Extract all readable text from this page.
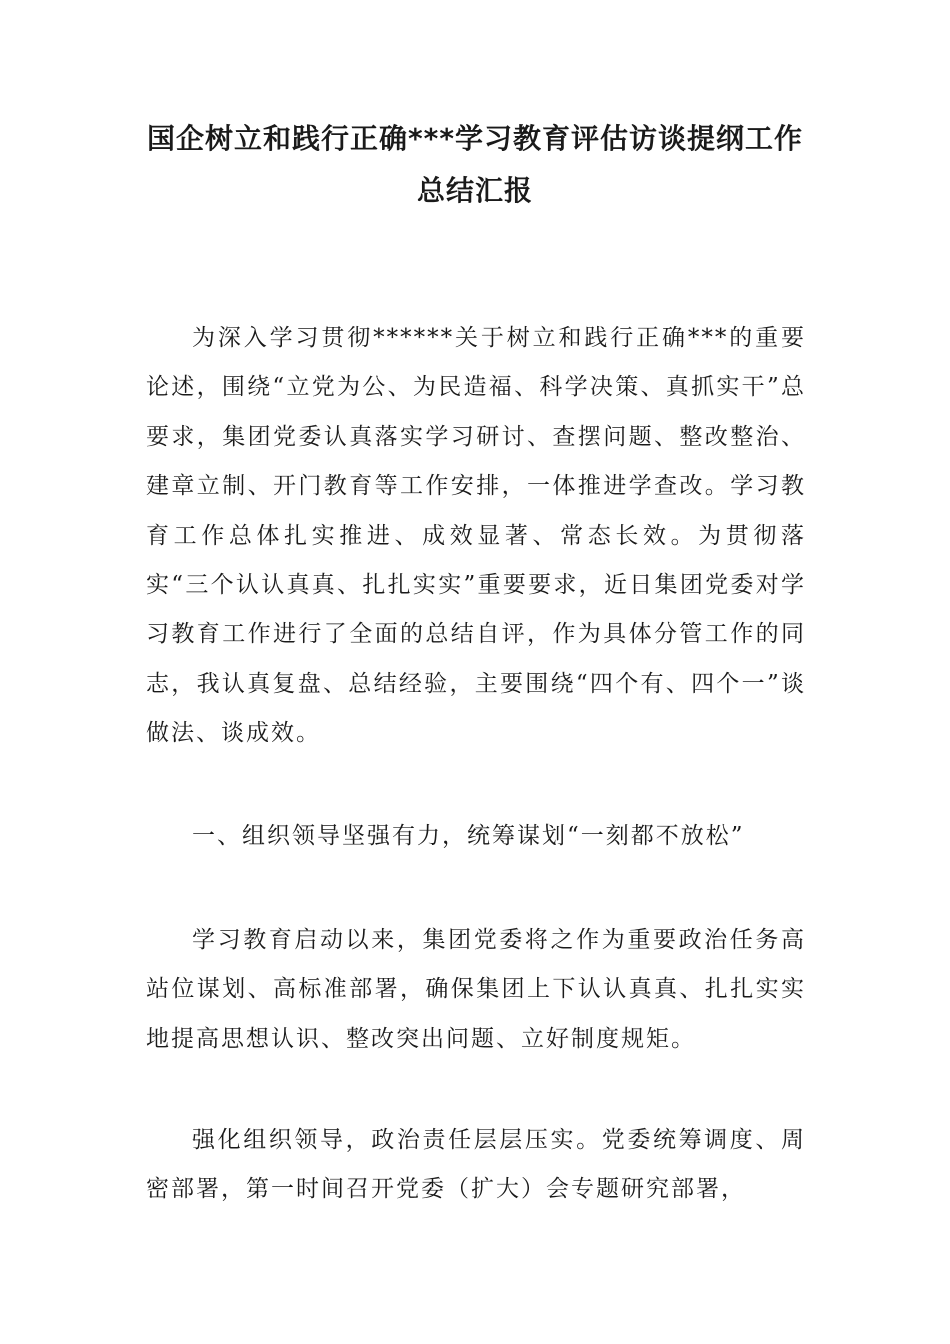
国企树立和践行正确***学习教育评估访谈提纲工作
总结汇报

为深入学习贯彻******关于树立和践行正确***的重要论述，围绕“立党为公、为民造福、科学决策、真抓实干”总要求，集团党委认真落实学习研讨、查摆问题、整改整治、建章立制、开门教育等工作安排，一体推进学查改。学习教育工作总体扎实推进、成效显著、常态长效。为贯彻落实“三个认认真真、扎扎实实”重要要求，近日集团党委对学习教育工作进行了全面的总结自评，作为具体分管工作的同志，我认真复盘、总结经验，主要围绕“四个有、四个一”谈做法、谈成效。

一、组织领导坚强有力，统筹谋划“一刻都不放松”

学习教育启动以来，集团党委将之作为重要政治任务高站位谋划、高标准部署，确保集团上下认认真真、扎扎实实地提高思想认识、整改突出问题、立好制度规矩。

强化组织领导，政治责任层层压实。党委统筹调度、周密部署，第一时间召开党委（扩大）会专题研究部署，
